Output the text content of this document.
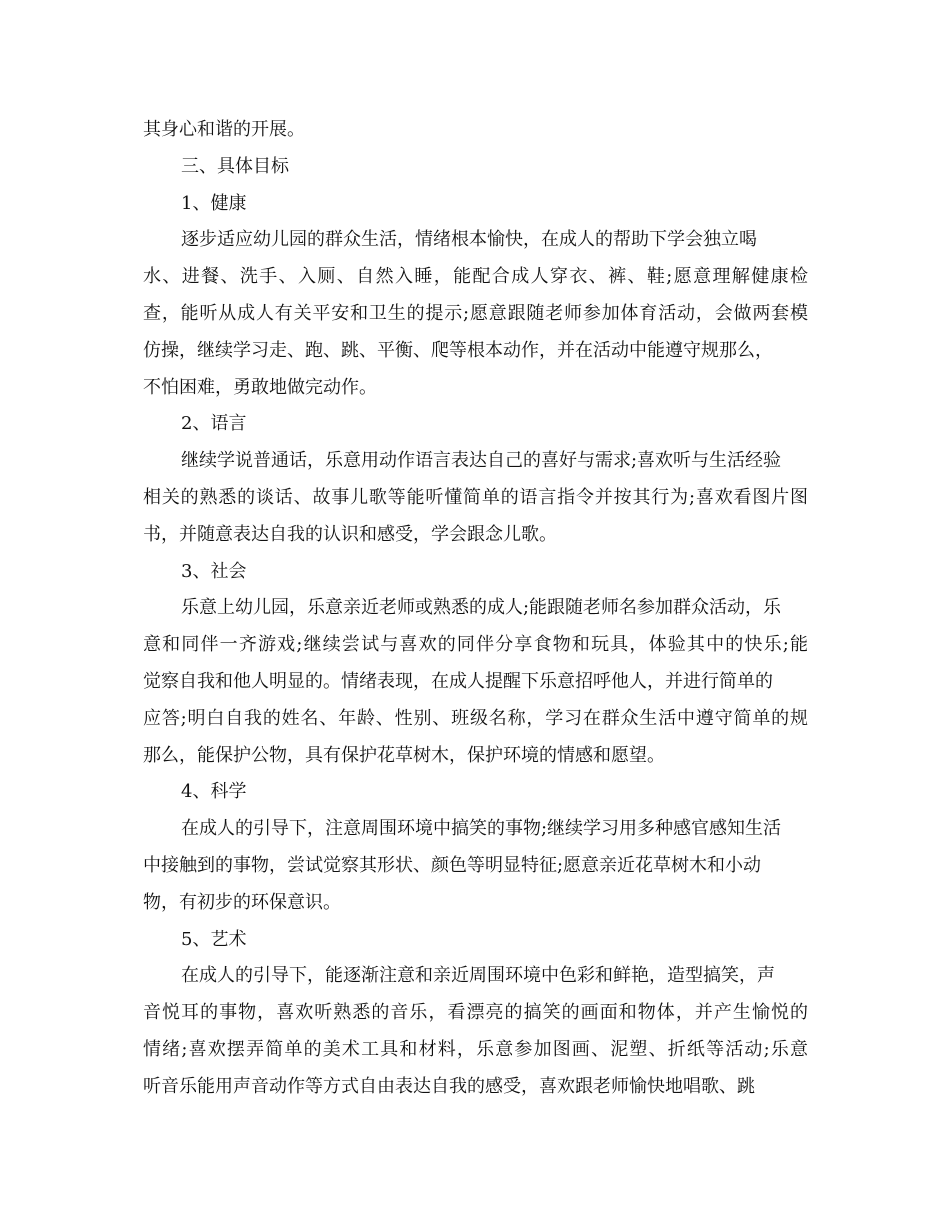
其身心和谐的开展。
三、具体目标
1、健康
逐步适应幼儿园的群众生活，情绪根本愉快，在成人的帮助下学会独立喝
水、进餐、洗手、入厕、自然入睡，能配合成人穿衣、裤、鞋;愿意理解健康检
查，能听从成人有关平安和卫生的提示;愿意跟随老师参加体育活动，会做两套模
仿操，继续学习走、跑、跳、平衡、爬等根本动作，并在活动中能遵守规那么，
不怕困难，勇敢地做完动作。
2、语言
继续学说普通话，乐意用动作语言表达自己的喜好与需求;喜欢听与生活经验
相关的熟悉的谈话、故事儿歌等能听懂简单的语言指令并按其行为;喜欢看图片图
书，并随意表达自我的认识和感受，学会跟念儿歌。
3、社会
乐意上幼儿园，乐意亲近老师或熟悉的成人;能跟随老师名参加群众活动，乐
意和同伴一齐游戏;继续尝试与喜欢的同伴分享食物和玩具，体验其中的快乐;能
觉察自我和他人明显的。情绪表现，在成人提醒下乐意招呼他人，并进行简单的
应答;明白自我的姓名、年龄、性别、班级名称，学习在群众生活中遵守简单的规
那么，能保护公物，具有保护花草树木，保护环境的情感和愿望。
4、科学
在成人的引导下，注意周围环境中搞笑的事物;继续学习用多种感官感知生活
中接触到的事物，尝试觉察其形状、颜色等明显特征;愿意亲近花草树木和小动
物，有初步的环保意识。
5、艺术
在成人的引导下，能逐渐注意和亲近周围环境中色彩和鲜艳，造型搞笑，声
音悦耳的事物，喜欢听熟悉的音乐，看漂亮的搞笑的画面和物体，并产生愉悦的
情绪;喜欢摆弄简单的美术工具和材料，乐意参加图画、泥塑、折纸等活动;乐意
听音乐能用声音动作等方式自由表达自我的感受，喜欢跟老师愉快地唱歌、跳
